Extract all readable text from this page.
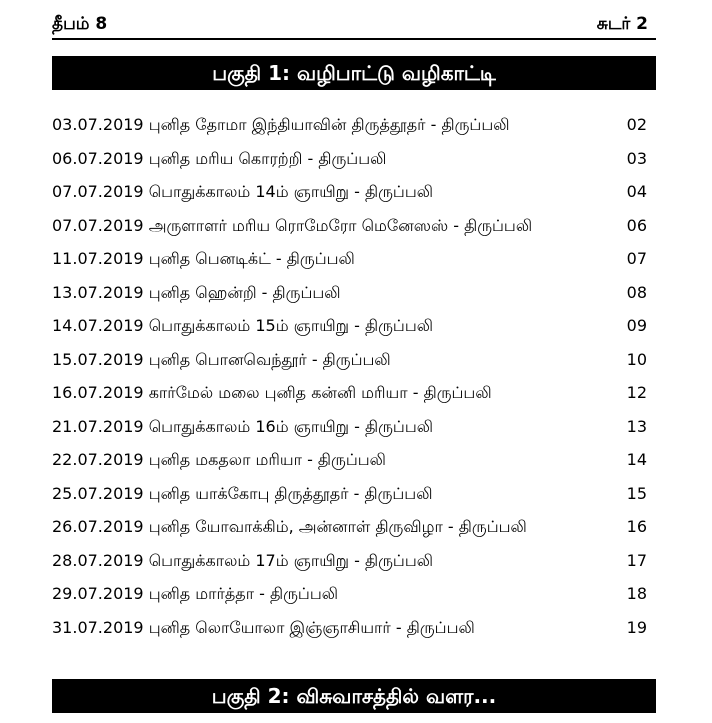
தீபம் 8	சுடர் 2
பகுதி 1: வழிபாட்டு வழிகாட்டி
03.07.2019 புனித தோமா இந்தியாவின் திருத்தூதர் - திருப்பலி	02
06.07.2019 புனித மரிய கொரற்றி - திருப்பலி	03
07.07.2019 பொதுக்காலம் 14ம் ஞாயிறு - திருப்பலி	04
07.07.2019 அருளாளர் மரிய ரொமேரோ மெனேஸஸ் - திருப்பலி	06
11.07.2019 புனித பெனடிக்ட் - திருப்பலி	07
13.07.2019 புனித ஹென்றி - திருப்பலி	08
14.07.2019 பொதுக்காலம் 15ம் ஞாயிறு - திருப்பலி	09
15.07.2019 புனித பொனவெந்தூர் - திருப்பலி	10
16.07.2019 கார்மேல் மலை புனித கன்னி மரியா - திருப்பலி	12
21.07.2019 பொதுக்காலம் 16ம் ஞாயிறு - திருப்பலி	13
22.07.2019 புனித மகதலா மரியா - திருப்பலி	14
25.07.2019 புனித யாக்கோபு திருத்தூதர் - திருப்பலி	15
26.07.2019 புனித யோவாக்கிம், அன்னாள் திருவிழா - திருப்பலி	16
28.07.2019 பொதுக்காலம் 17ம் ஞாயிறு - திருப்பலி	17
29.07.2019 புனித மார்த்தா - திருப்பலி	18
31.07.2019 புனித லொயோலா இஞ்ஞாசியார் - திருப்பலி	19
பகுதி 2: விசுவாசத்தில் வளர...
